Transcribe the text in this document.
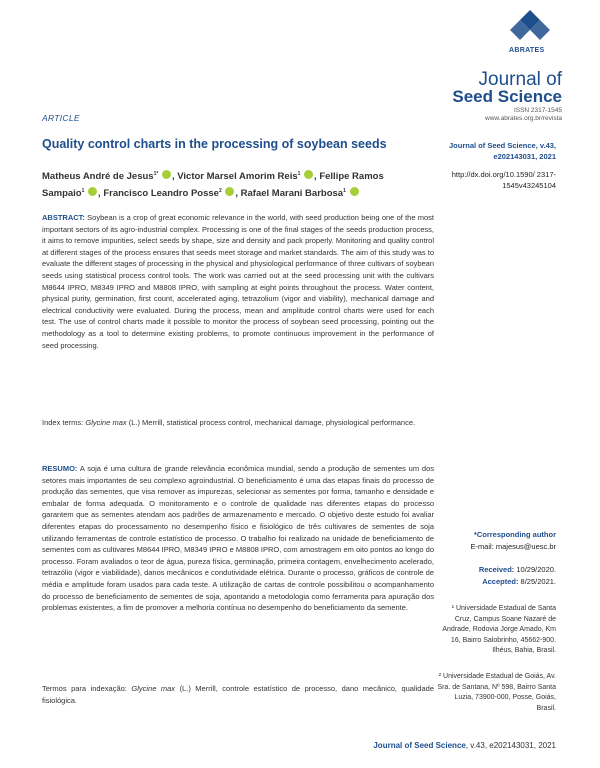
ABRATES
Journal of
Seed Science
ISSN 2317-1545
www.abrates.org.br/revista
ARTICLE
Quality control charts in the processing of soybean seeds	Journal of Seed Science, v.43, e202143031, 2021
http://dx.doi.org/10.1590/ 2317-1545v43245104
Matheus André de Jesus$^{1*}$ , Victor Marsel Amorim Reis$^1$ , Fellipe Ramos Sampaio$^1$ , Francisco Leandro Posse$^2$ , Rafael Marani Barbosa$^1$
ABSTRACT: Soybean is a crop of great economic relevance in the world, with seed production being one of the most important sectors of its agro-industrial complex. Processing is one of the final stages of the seeds production process, it aims to remove impurities, select seeds by shape, size and density and pack properly. Monitoring and quality control at different stages of the process ensures that seeds meet storage and market standards. The aim of this study was to evaluate the different stages of processing in the physical and physiological performance of three cultivars of soybean seeds using statistical process control tools. The work was carried out at the seed processing unit with the cultivars M8644 IPRO, M8349 IPRO and M8808 IPRO, with sampling at eight points throughout the process. Water content, physical purity, germination, first count, accelerated aging, tetrazolium (vigor and viability), mechanical damage and electrical conductivity were evaluated. During the process, mean and amplitude control charts were used for each test. The use of control charts made it possible to monitor the process of soybean seed processing, pointing out the methodology as a tool to determine existing problems, to promote continuous improvement in the performance of seed processing.
Index terms: Glycine max (L.) Merrill, statistical process control, mechanical damage, physiological performance.
RESUMO: A soja é uma cultura de grande relevância econômica mundial, sendo a produção de sementes um dos setores mais importantes de seu complexo agroindustrial. O beneficiamento é uma das etapas finais do processo de produção das sementes, que visa remover as impurezas, selecionar as sementes por forma, tamanho e densidade e embalar de forma adequada. O monitoramento e o controle de qualidade nas diferentes etapas do processo garantem que as sementes atendam aos padrões de armazenamento e mercado. O objetivo deste estudo foi avaliar diferentes etapas do processamento no desempenho físico e fisiológico de três cultivares de sementes de soja utilizando ferramentas de controle estatístico de processo. O trabalho foi realizado na unidade de beneficiamento de sementes com as cultivares M8644 IPRO, M8349 IPRO e M8808 IPRO, com amostragem em oito pontos ao longo do processo. Foram avaliados o teor de água, pureza física, germinação, primeira contagem, envelhecimento acelerado, tetrazólio (vigor e viabilidade), danos mecânicos e condutividade elétrica. Durante o processo, gráficos de controle de média e amplitude foram usados para cada teste. A utilização de cartas de controle possibilitou o acompanhamento do processo de beneficiamento de sementes de soja, apontando a metodologia como ferramenta para apuração dos problemas existentes, a fim de promover a melhoria contínua no desempenho do beneficiamento da semente.
Termos para indexação: Glycine max (L.) Merrill, controle estatístico de processo, dano mecânico, qualidade fisiológica.
*Corresponding author
E-mail: majesus@uesc.br
Received: 10/29/2020.
Accepted: 8/25/2021.
¹ Universidade Estadual de Santa Cruz, Campus Soane Nazaré de Andrade, Rodovia Jorge Amado, Km 16, Bairro Salobrinho, 45662-900. Ilhéus, Bahia, Brasil.
² Universidade Estadual de Goiás, Av. Sra. de Santana, Nº 598, Bairro Santa Luzia, 73900-000, Posse, Goiás, Brasil.
Journal of Seed Science, v.43, e202143031, 2021
